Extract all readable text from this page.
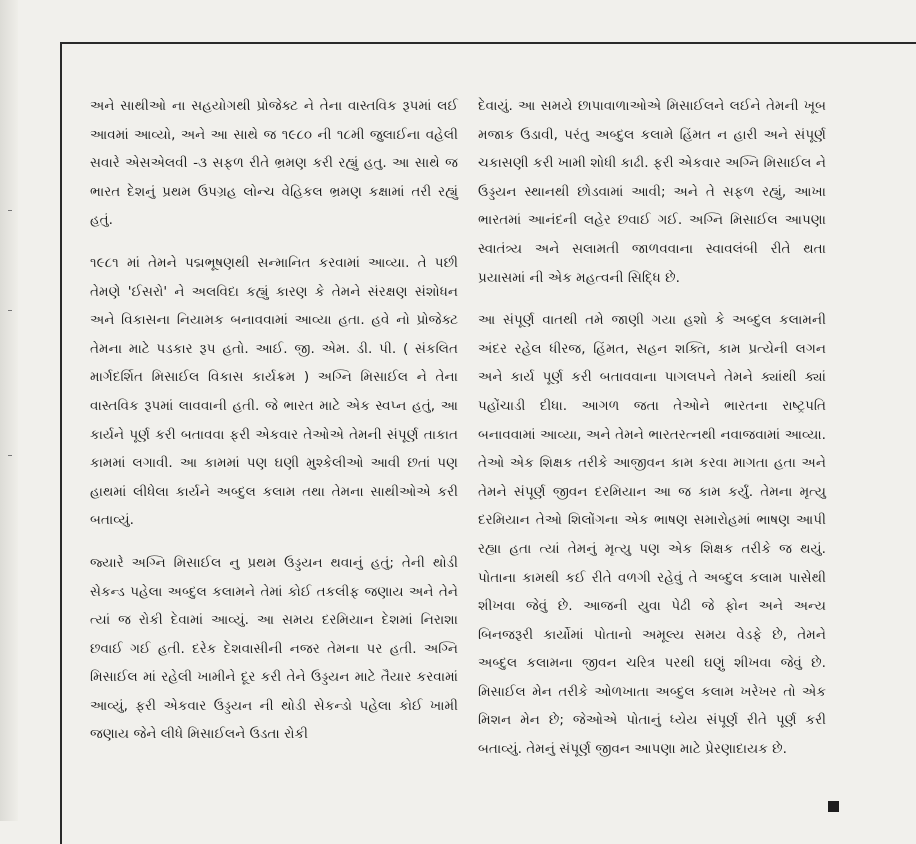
અને સાથીઓ ના સહયોગથી પ્રોજેક્ટ ને તેના વાસ્તવિક રૂપમાં લઈ આવમાં આવ્યો, અને આ સાથે જ ૧૯૮૦ ની ૧૮મી જુલાઈના વહેલી સવારે એસએલવી -૩ સફળ રીતે ભ્રમણ કરી રહ્યું હતુ. આ સાથે જ ભારત દેશનું પ્રથમ ઉપગ્રહ લોન્ચ વેહિકલ ભ્રમણ કક્ષામાં તરી રહ્યું હતું.

૧૯૮૧ માં તેમને પદ્મભૂષણથી સન્માનિત કરવામાં આવ્યા. તે પછી તેમણે 'ઈસરો' ને અલવિદા કહ્યું કારણ કે તેમને સંરક્ષણ સંશોધન અને વિકાસના નિયામક બનાવવામાં આવ્યા હતા. હવે નો પ્રોજેક્ટ તેમના માટે પડકાર રૂપ હતો. આઈ. જી. એમ. ડી. પી. ( સંકલિત માર્ગદર્શિત મિસાઈલ વિકાસ કાર્યક્રમ ) અગ્નિ મિસાઈલ ને તેના વાસ્તવિક રૂપમાં લાવવાની હતી. જે ભારત માટે એક સ્વપ્ન હતું, આ કાર્યને પૂર્ણ કરી બતાવવા ફરી એકવાર તેઓએ તેમની સંપૂર્ણ તાકાત કામમાં લગાવી. આ કામમાં પણ ઘણી મુશ્કેલીઓ આવી છતાં પણ હાથમાં લીધેલા કાર્યને અબ્દુલ કલામ તથા તેમના સાથીઓએ કરી બતાવ્યું.

જ્યારે અગ્નિ મિસાઈલ નુ પ્રથમ ઉડ્ડયન થવાનું હતું; તેની થોડી સેકન્ડ પહેલા અબ્દુલ કલામને તેમાં કોઈ તકલીફ જણાય અને તેને ત્યાં જ રોકી દેવામાં આવ્યું. આ સમય દરમિયાન દેશમાં નિરાશા છવાઈ ગઈ હતી. દરેક દેશવાસીની નજર તેમના પર હતી. અગ્નિ મિસાઈલ માં રહેલી ખામીને દૂર કરી તેને ઉડ્ડયન માટે તૈયાર કરવામાં આવ્યું, ફરી એકવાર ઉડ્ડયન ની થોડી સેકન્ડો પહેલા કોઈ ખામી જણાય જેને લીધે મિસાઈલને ઉડતા રોકી

દેવાયું. આ સમયે છાપાવાળાઓએ મિસાઈલને લઈને તેમની ખૂબ મજાક ઉડાવી, પરંતુ અબ્દુલ કલામે હિંમત ન હારી અને સંપૂર્ણ ચકાસણી કરી ખામી શોધી કાઢી. ફરી એકવાર અગ્નિ મિસાઈલ ને ઉડ્ડયન સ્થાનથી છોડવામાં આવી; અને તે સફળ રહ્યું, આખા ભારતમાં આનંદની લહેર છવાઈ ગઈ. અગ્નિ મિસાઈલ આપણા સ્વાતંત્ર્ય અને સલામતી જાળવવાના સ્વાવલંબી રીતે થતા પ્રયાસમાં ની એક મહત્વની સિદ્ધિ છે.

આ સંપૂર્ણ વાતથી તમે જાણી ગયા હશો કે અબ્દુલ કલામની અંદર રહેલ ધીરજ, હિંમત, સહન શક્તિ, કામ પ્રત્યેની લગન અને કાર્ય પૂર્ણ કરી બતાવવાના પાગલપને તેમને ક્યાંથી ક્યાં પહોંચાડી દીધા. આગળ જતા તેઓને ભારતના રાષ્ટ્રપતિ બનાવવામાં આવ્યા, અને તેમને ભારતરત્નથી નવાજવામાં આવ્યા. તેઓ એક શિક્ષક તરીકે આજીવન કામ કરવા માગતા હતા અને તેમને સંપૂર્ણ જીવન દરમિયાન આ જ કામ કર્યું. તેમના મૃત્યુ દરમિયાન તેઓ શિલોંગના એક ભાષણ સમારોહમાં ભાષણ આપી રહ્યા હતા ત્યાં તેમનું મૃત્યુ પણ એક શિક્ષક તરીકે જ થયું. પોતાના કામથી કઈ રીતે વળગી રહેવું તે અબ્દુલ કલામ પાસેથી શીખવા જેવું છે. આજની યુવા પેઢી જે ફોન અને અન્ય બિનજરૂરી કાર્યોમાં પોતાનો અમૂલ્ય સમય વેડફે છે, તેમને અબ્દુલ કલામના જીવન ચરિત્ર પરથી ઘણું શીખવા જેવું છે. મિસાઈલ મેન તરીકે ઓળખાતા અબ્દુલ કલામ ખરેખર તો એક મિશન મેન છે; જેઓએ પોતાનું ધ્યેય સંપૂર્ણ રીતે પૂર્ણ કરી બતાવ્યું. તેમનું સંપૂર્ણ જીવન આપણા માટે પ્રેરણાદાયક છે.
